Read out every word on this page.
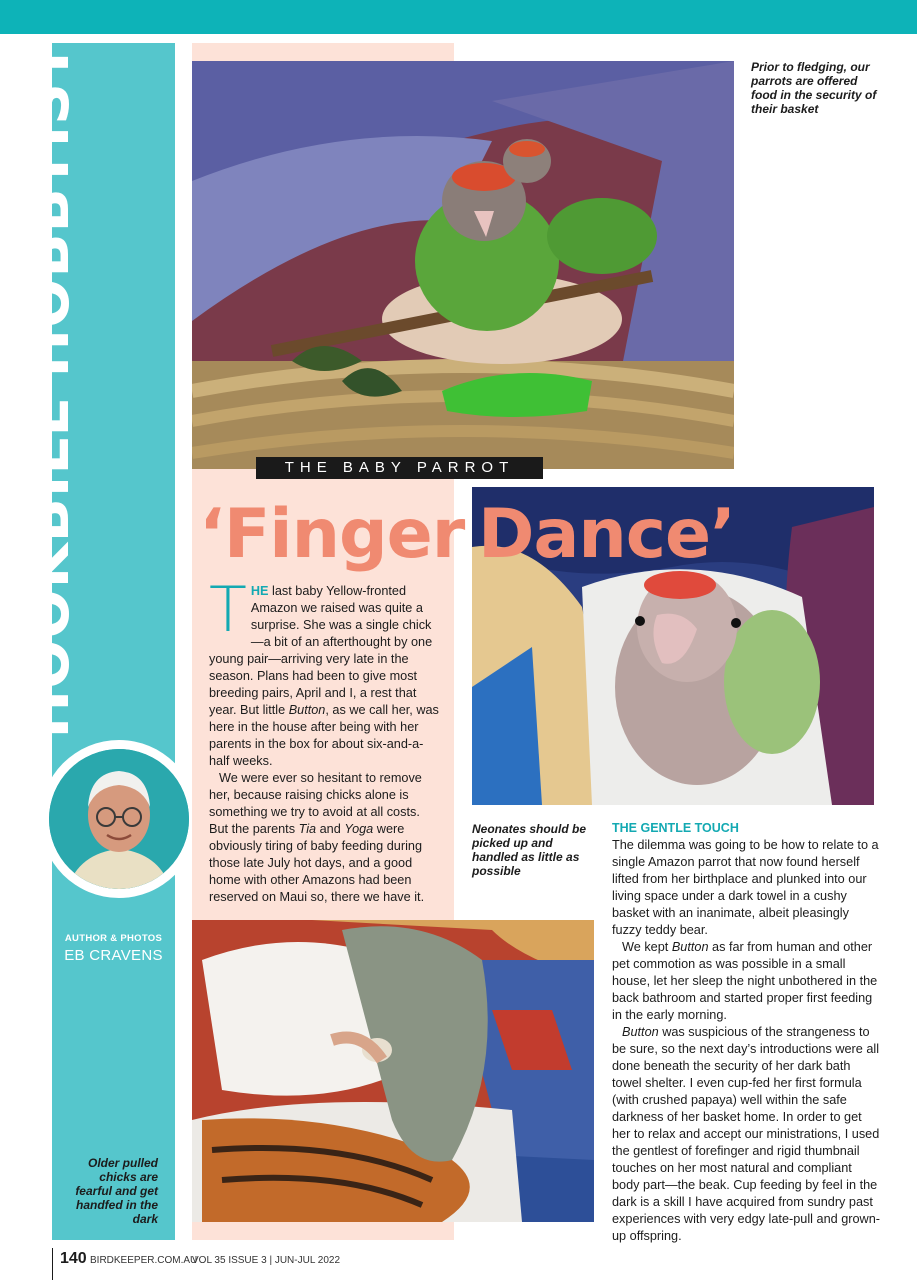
HOOKBILL HOBBYIST
AUTHOR & PHOTOS
EB CRAVENS
Older pulled chicks are fearful and get handfed in the dark
Prior to fledging, our parrots are offered food in the security of their basket
THE BABY PARROT
‘Finger Dance’

THE last baby Yellow-fronted Amazon we raised was quite a surprise. She was a single chick—a bit of an afterthought by one young pair—arriving very late in the season. Plans had been to give most breeding pairs, April and I, a rest that year. But little Button, as we call her, was here in the house after being with her parents in the box for about six-and-a-half weeks.

We were ever so hesitant to remove her, because raising chicks alone is something we try to avoid at all costs. But the parents Tia and Yoga were obviously tiring of baby feeding during those late July hot days, and a good home with other Amazons had been reserved on Maui so, there we have it.

Neonates should be picked up and handled as little as possible
THE GENTLE TOUCH

The dilemma was going to be how to relate to a single Amazon parrot that now found herself lifted from her birthplace and plunked into our living space under a dark towel in a cushy basket with an inanimate, albeit pleasingly fuzzy teddy bear.

We kept Button as far from human and other pet commotion as was possible in a small house, let her sleep the night unbothered in the back bathroom and started proper first feeding in the early morning.

Button was suspicious of the strangeness to be sure, so the next day’s introductions were all done beneath the security of her dark bath towel shelter. I even cup-fed her first formula (with crushed papaya) well within the safe darkness of her basket home. In order to get her to relax and accept our ministrations, I used the gentlest of forefinger and rigid thumbnail touches on her most natural and compliant body part—the beak. Cup feeding by feel in the dark is a skill I have acquired from sundry past experiences with very edgy late-pull and grown-up offspring.

140 BIRDKEEPER.COM.AU
VOL 35 ISSUE 3 | JUN-JUL 2022
